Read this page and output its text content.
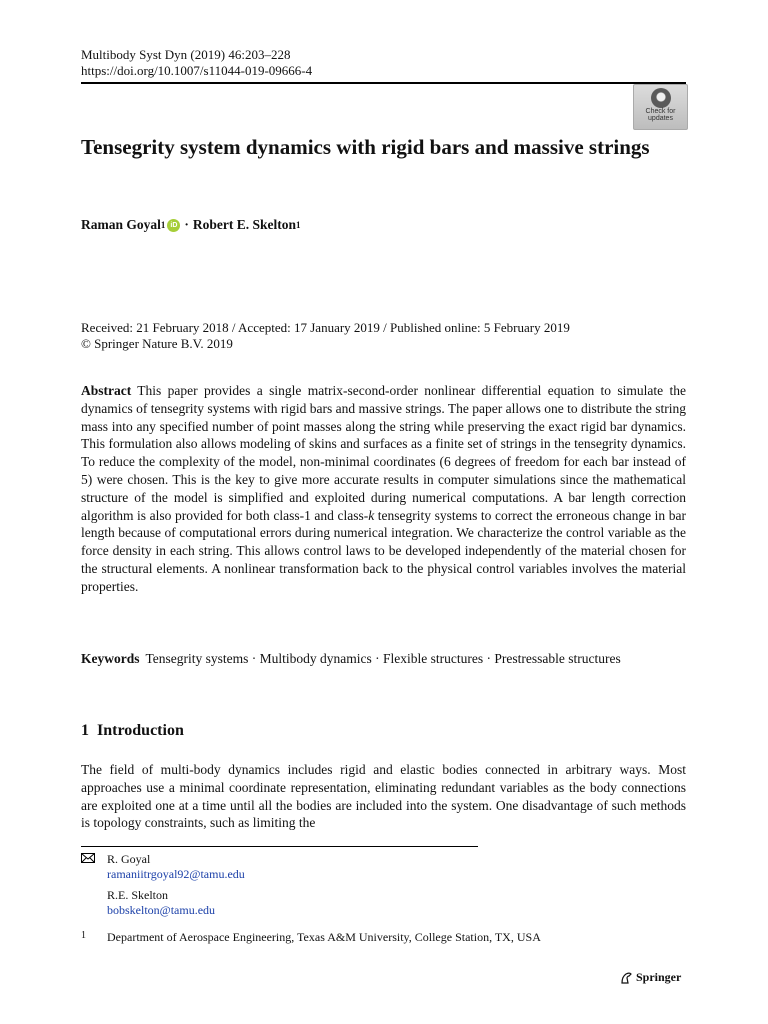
Multibody Syst Dyn (2019) 46:203–228
https://doi.org/10.1007/s11044-019-09666-4
Check for
updates
Tensegrity system dynamics with rigid bars and massive strings
Raman Goyal 1 iD · Robert E. Skelton 1
Received: 21 February 2018 / Accepted: 17 January 2019 / Published online: 5 February 2019
© Springer Nature B.V. 2019
Abstract This paper provides a single matrix-second-order nonlinear differential equation to simulate the dynamics of tensegrity systems with rigid bars and massive strings. The paper allows one to distribute the string mass into any specified number of point masses along the string while preserving the exact rigid bar dynamics. This formulation also allows modeling of skins and surfaces as a finite set of strings in the tensegrity dynamics. To reduce the complexity of the model, non-minimal coordinates (6 degrees of freedom for each bar instead of 5) were chosen. This is the key to give more accurate results in computer simulations since the mathematical structure of the model is simplified and exploited during numerical computations. A bar length correction algorithm is also provided for both class-1 and class-k tensegrity systems to correct the erroneous change in bar length because of computational errors during numerical integration. We characterize the control variable as the force density in each string. This allows control laws to be developed independently of the material chosen for the structural elements. A nonlinear transformation back to the physical control variables involves the material properties.
Keywords Tensegrity systems · Multibody dynamics · Flexible structures · Prestressable structures
1 Introduction
The field of multi-body dynamics includes rigid and elastic bodies connected in arbitrary ways. Most approaches use a minimal coordinate representation, eliminating redundant variables as the body connections are exploited one at a time until all the bodies are included into the system. One disadvantage of such methods is topology constraints, such as limiting the
R. Goyal
ramaniitrgoyal92@tamu.edu
R.E. Skelton
bobskelton@tamu.edu
1 Department of Aerospace Engineering, Texas A&M University, College Station, TX, USA
Springer
